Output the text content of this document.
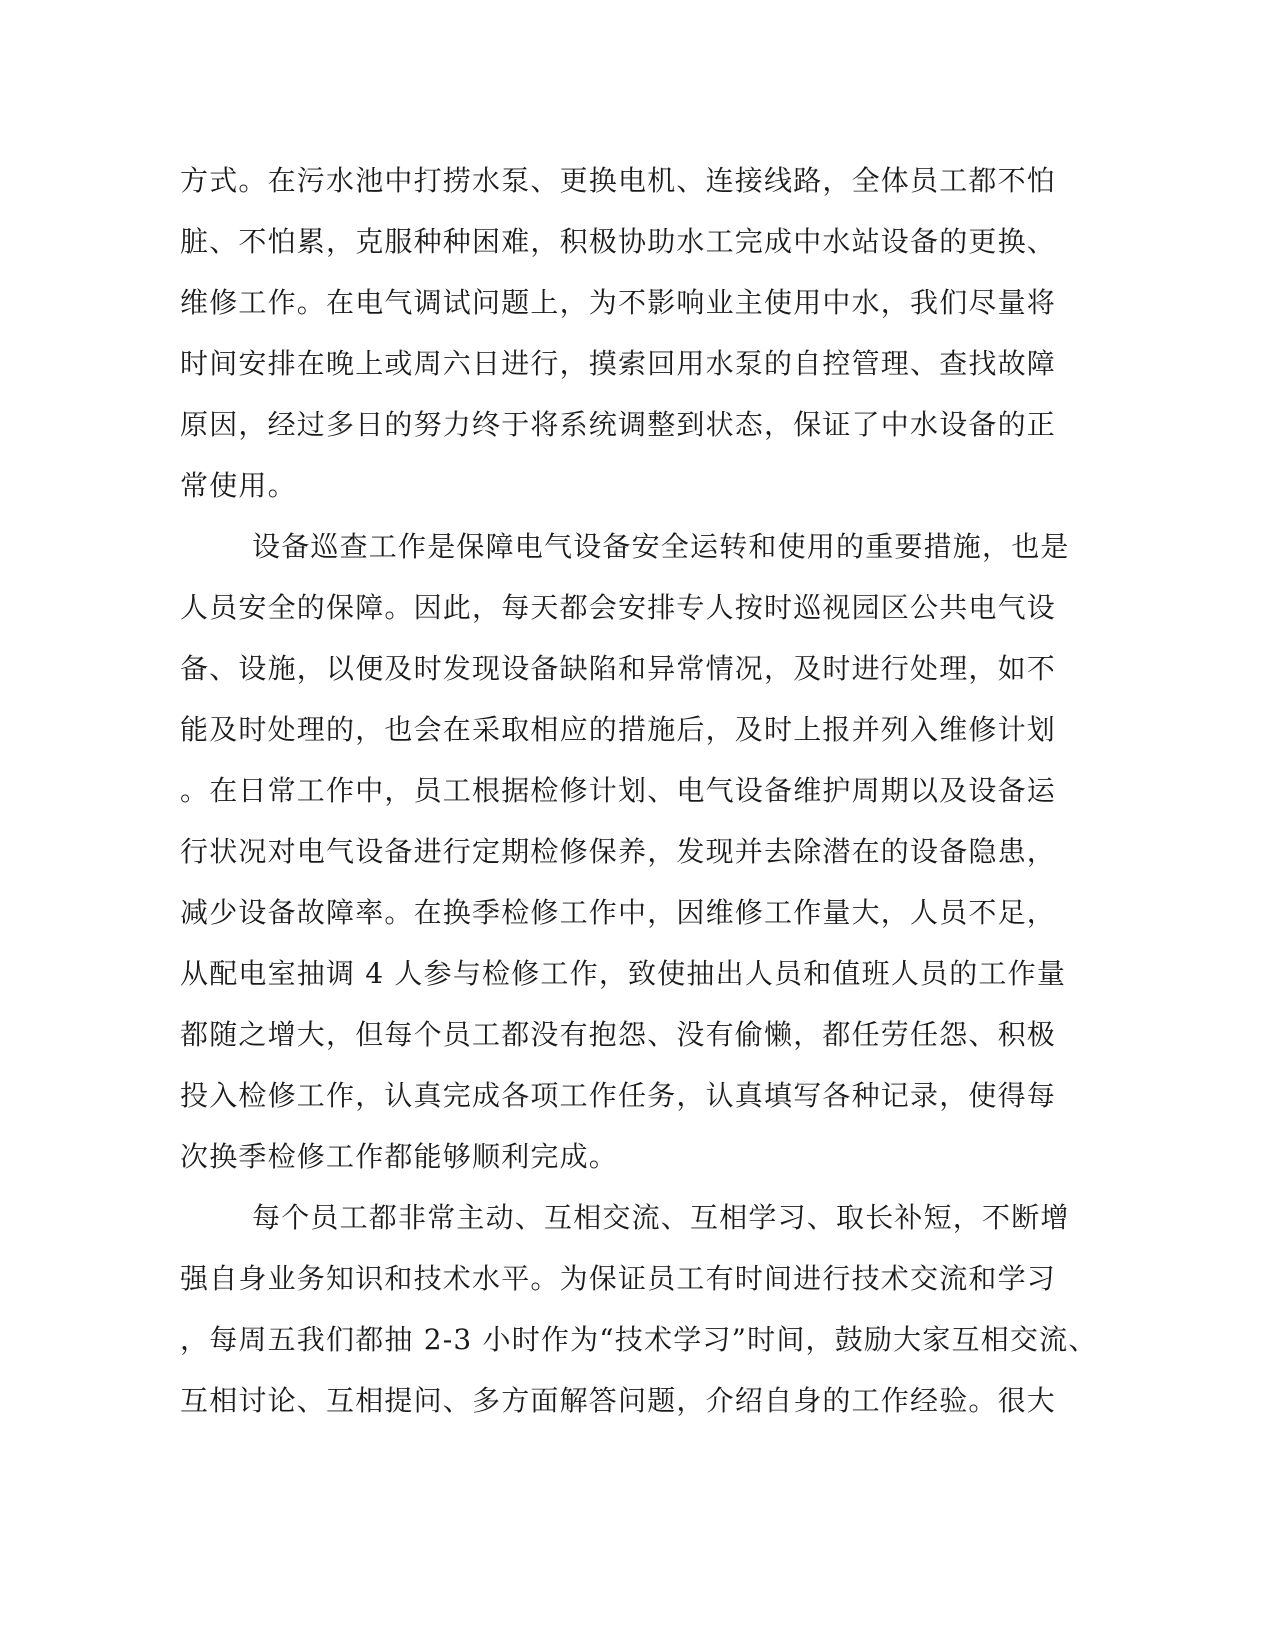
方式。在污水池中打捞水泵、更换电机、连接线路，全体员工都不怕
脏、不怕累，克服种种困难，积极协助水工完成中水站设备的更换、
维修工作。在电气调试问题上，为不影响业主使用中水，我们尽量将
时间安排在晚上或周六日进行，摸索回用水泵的自控管理、查找故障
原因，经过多日的努力终于将系统调整到状态，保证了中水设备的正
常使用。
设备巡查工作是保障电气设备安全运转和使用的重要措施，也是
人员安全的保障。因此，每天都会安排专人按时巡视园区公共电气设
备、设施，以便及时发现设备缺陷和异常情况，及时进行处理，如不
能及时处理的，也会在采取相应的措施后，及时上报并列入维修计划
。在日常工作中，员工根据检修计划、电气设备维护周期以及设备运
行状况对电气设备进行定期检修保养，发现并去除潜在的设备隐患，
减少设备故障率。在换季检修工作中，因维修工作量大，人员不足，
从配电室抽调 4 人参与检修工作，致使抽出人员和值班人员的工作量
都随之增大，但每个员工都没有抱怨、没有偷懒，都任劳任怨、积极
投入检修工作，认真完成各项工作任务，认真填写各种记录，使得每
次换季检修工作都能够顺利完成。
每个员工都非常主动、互相交流、互相学习、取长补短，不断增
强自身业务知识和技术水平。为保证员工有时间进行技术交流和学习
，每周五我们都抽 2-3 小时作为“技术学习”时间，鼓励大家互相交流、
互相讨论、互相提问、多方面解答问题，介绍自身的工作经验。很大
